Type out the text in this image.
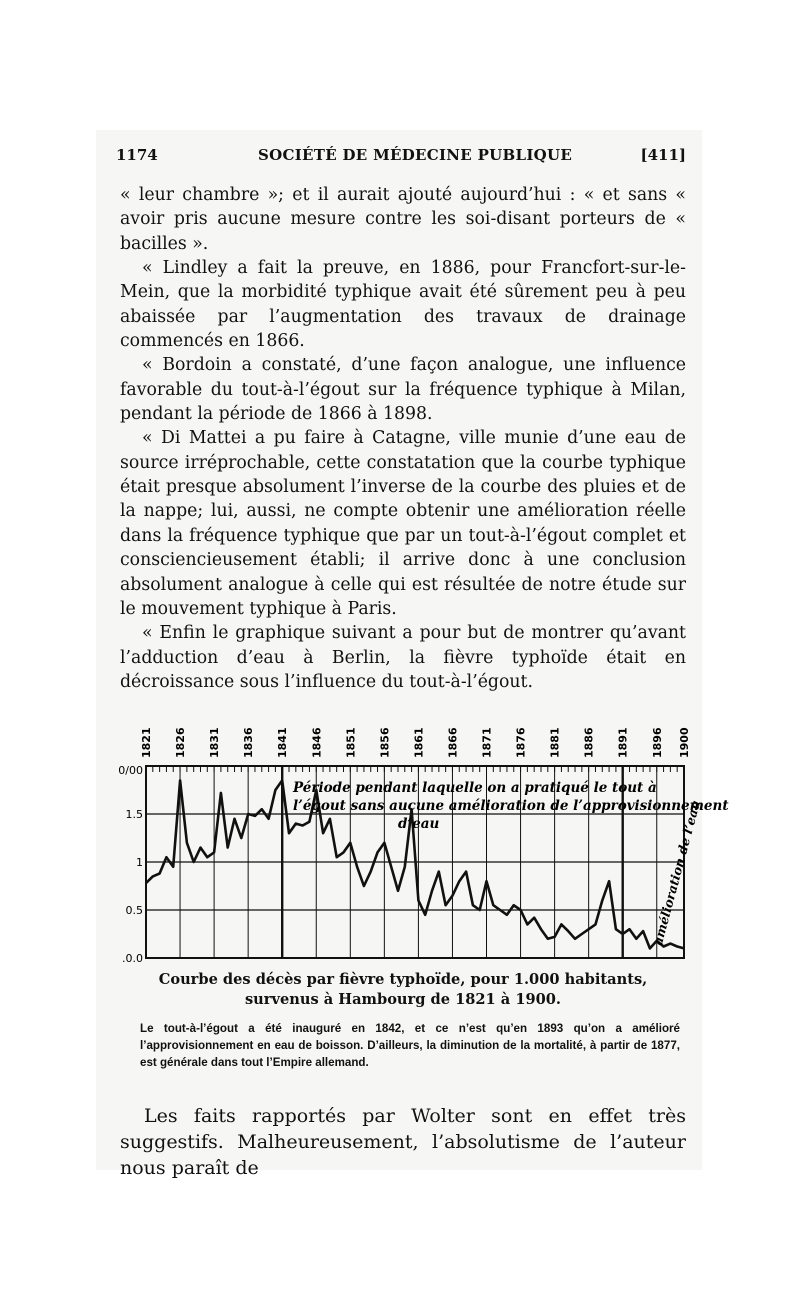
1174	SOCIÉTÉ DE MÉDECINE PUBLIQUE	[411]

« leur chambre »; et il aurait ajouté aujourd’hui : « et sans « avoir pris aucune mesure contre les soi-disant porteurs de « bacilles ».

« Lindley a fait la preuve, en 1886, pour Francfort-sur-le-Mein, que la morbidité typhique avait été sûrement peu à peu abaissée par l’augmentation des travaux de drainage commencés en 1866.

« Bordoin a constaté, d’une façon analogue, une influence favorable du tout-à-l’égout sur la fréquence typhique à Milan, pendant la période de 1866 à 1898.

« Di Mattei a pu faire à Catagne, ville munie d’une eau de source irréprochable, cette constatation que la courbe typhique était presque absolument l’inverse de la courbe des pluies et de la nappe; lui, aussi, ne compte obtenir une amélioration réelle dans la fréquence typhique que par un tout-à-l’égout complet et consciencieusement établi; il arrive donc à une conclusion absolument analogue à celle qui est résultée de notre étude sur le mouvement typhique à Paris.

« Enfin le graphique suivant a pour but de montrer qu’avant l’adduction d’eau à Berlin, la fièvre typhoïde était en décroissance sous l’influence du tout-à-l’égout.

1821 1826 1831 1836 1841 1846 1851 1856 1861 1866 1871 1876 1881 1886 1891 1896 1900
0/00
1.5
1
0.5
.0.0
Période pendant laquelle on a pratiqué le tout à l’égout sans aucune amélioration de l’approvisionnement d’eau	amélioration de l’eau
Courbe des décès par fièvre typhoïde, pour 1.000 habitants,
survenus à Hambourg de 1821 à 1900.
Le tout-à-l’égout a été inauguré en 1842, et ce n’est qu’en 1893 qu’on a amélioré l’approvisionnement en eau de boisson. D’ailleurs, la diminution de la mortalité, à partir de 1877, est générale dans tout l’Empire allemand.

Les faits rapportés par Wolter sont en effet très suggestifs. Malheureusement, l’absolutisme de l’auteur nous paraît de
